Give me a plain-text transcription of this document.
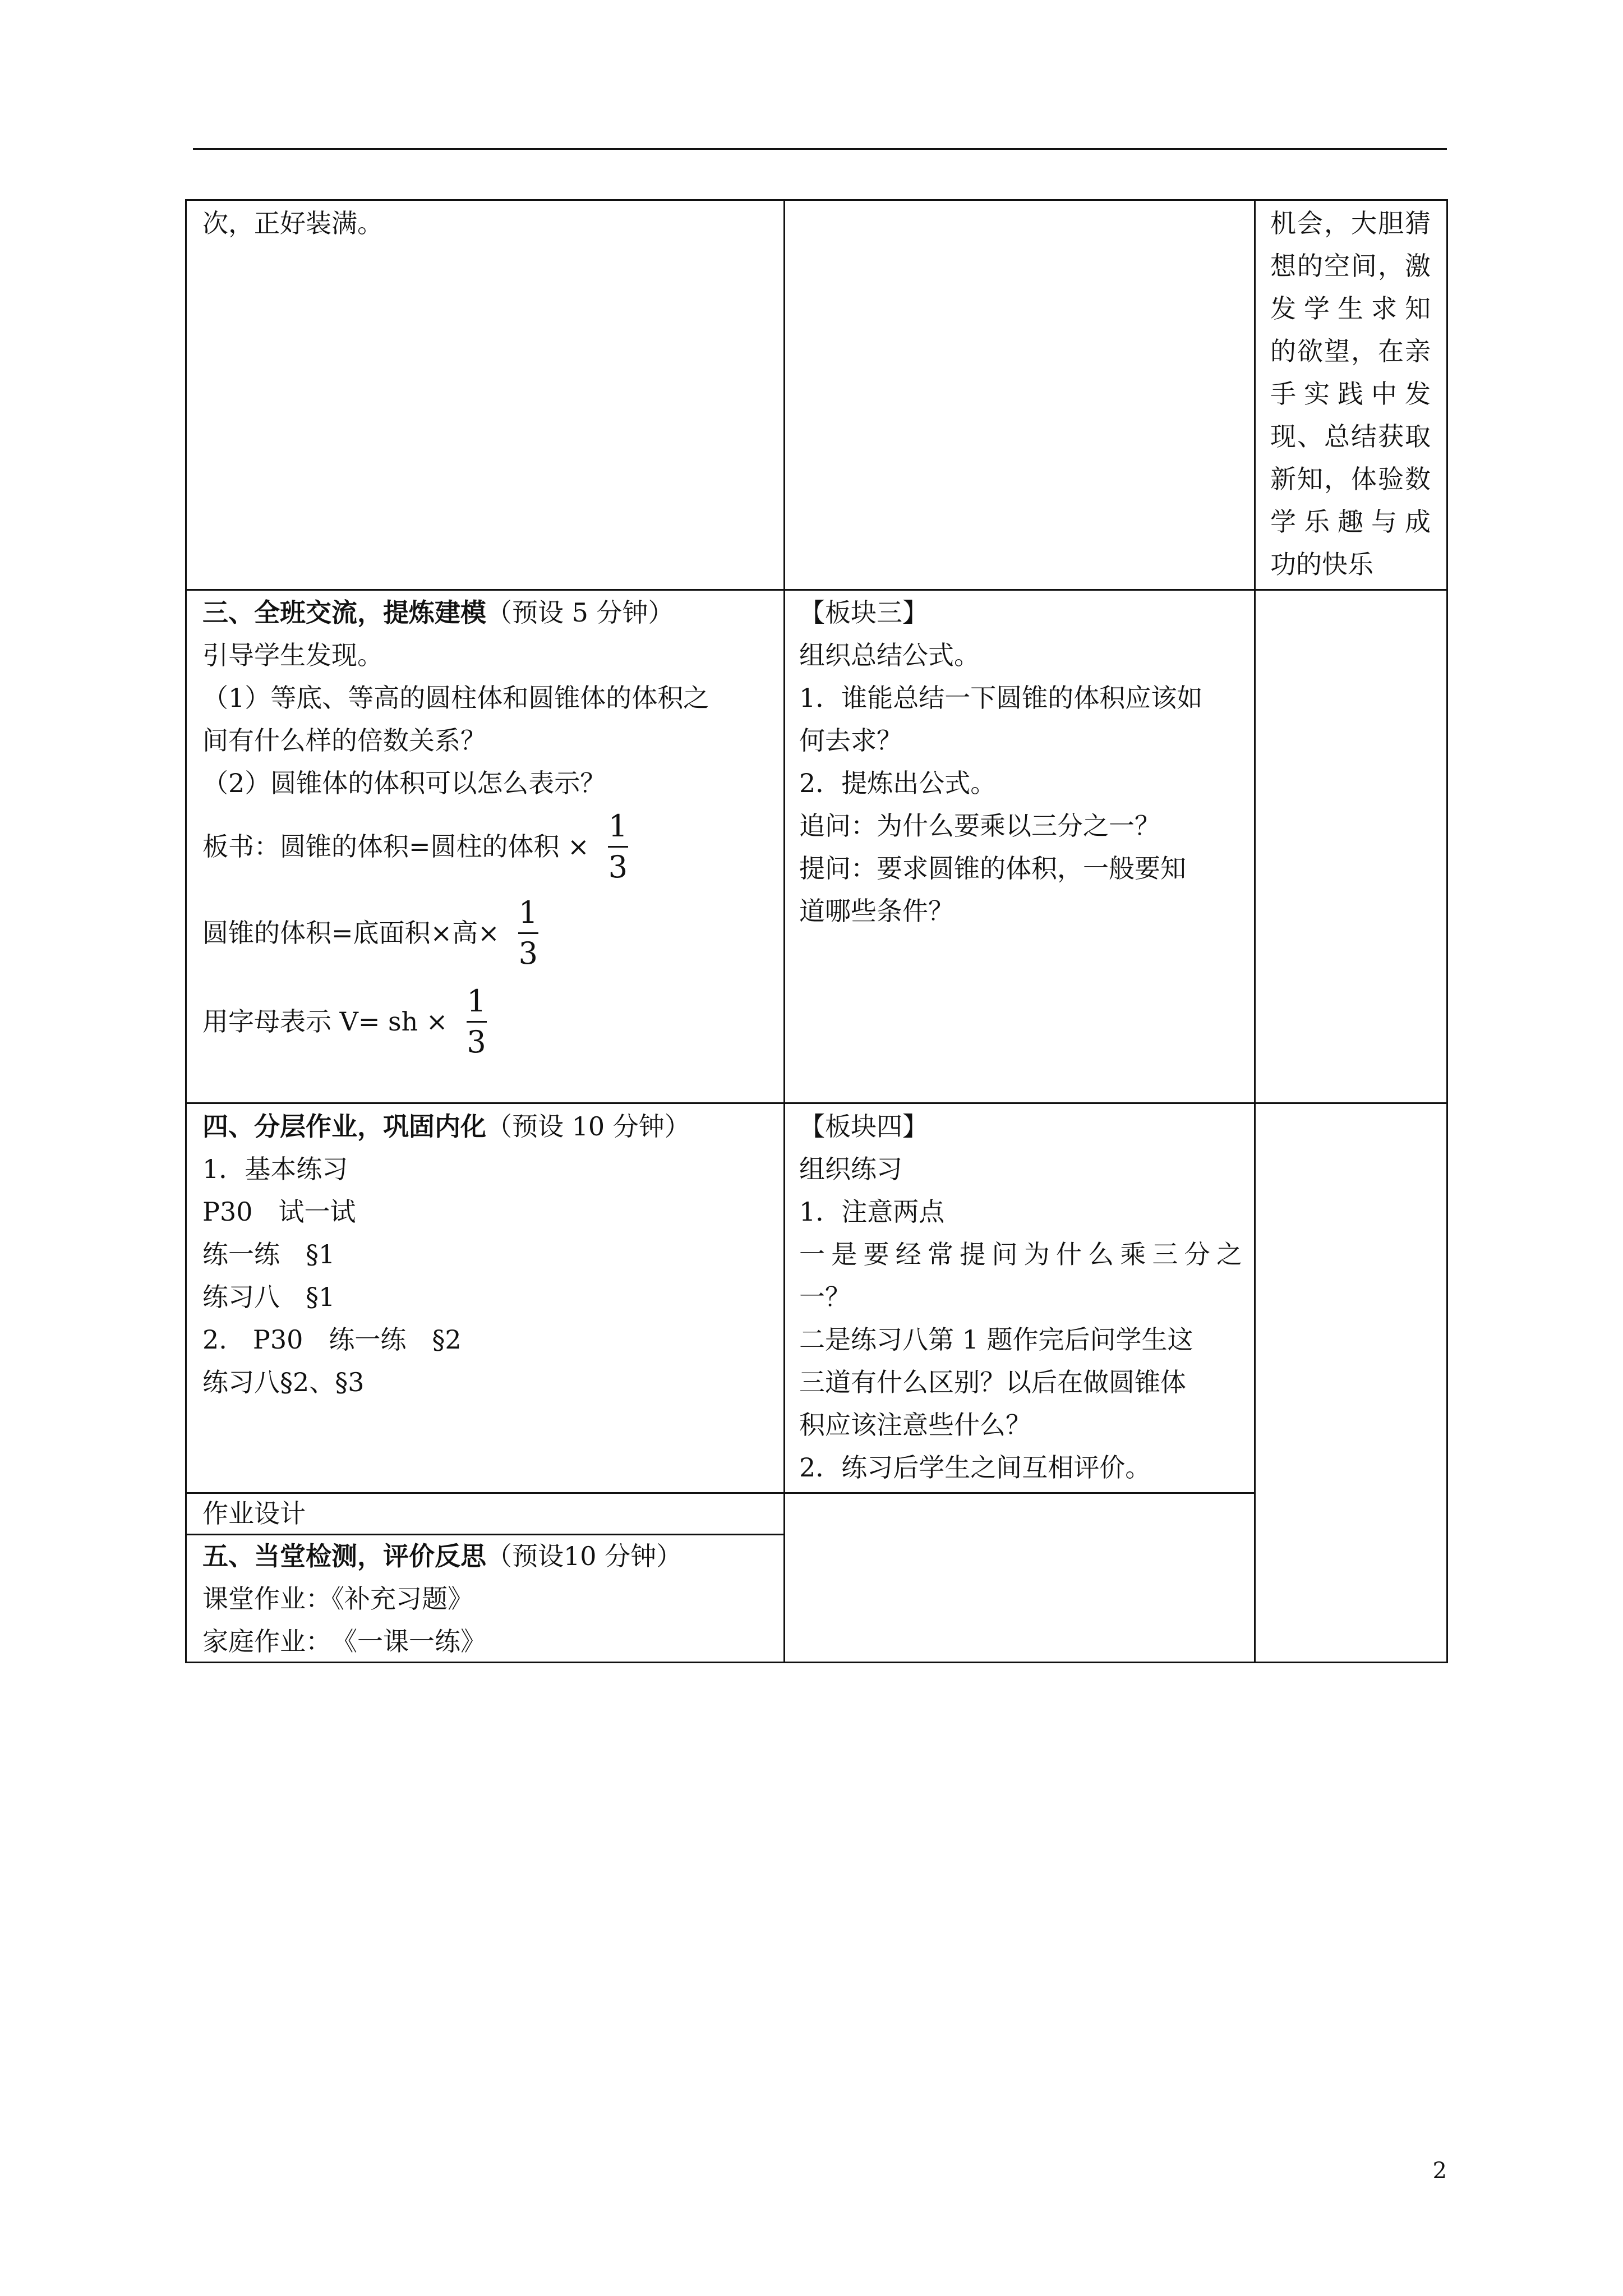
次，正好装满。	机会，大胆猜
想的空间，激
发学生求知
的欲望，在亲
手实践中发
现、总结获取
新知，体验数
学乐趣与成
功的快乐
三、全班交流，提炼建模（预设 5 分钟）
引导学生发现。
（1）等底、等高的圆柱体和圆锥体的体积之
间有什么样的倍数关系？
（2）圆锥体的体积可以怎么表示？
板书：圆锥的体积=圆柱的体积 × $\frac{1}{3}$
圆锥的体积=底面积×高× $\frac{1}{3}$
用字母表示 V= sh × $\frac{1}{3}$
【板块三】
组织总结公式。
1．谁能总结一下圆锥的体积应该如
何去求？
2．提炼出公式。
追问：为什么要乘以三分之一？
提问：要求圆锥的体积，一般要知
道哪些条件？
四、分层作业，巩固内化（预设 10 分钟）
1．基本练习
P30　试一试
练一练　§1
练习八　§1
2.　P30　练一练　§2
练习八§2、§3
【板块四】
组织练习
1．注意两点
一是要经常提问为什么乘三分之
一？
二是练习八第 1 题作完后问学生这
三道有什么区别？以后在做圆锥体
积应该注意些什么？
2．练习后学生之间互相评价。
作业设计
五、当堂检测，评价反思（预设10 分钟）
课堂作业：《补充习题》
家庭作业：　《一课一练》
2
